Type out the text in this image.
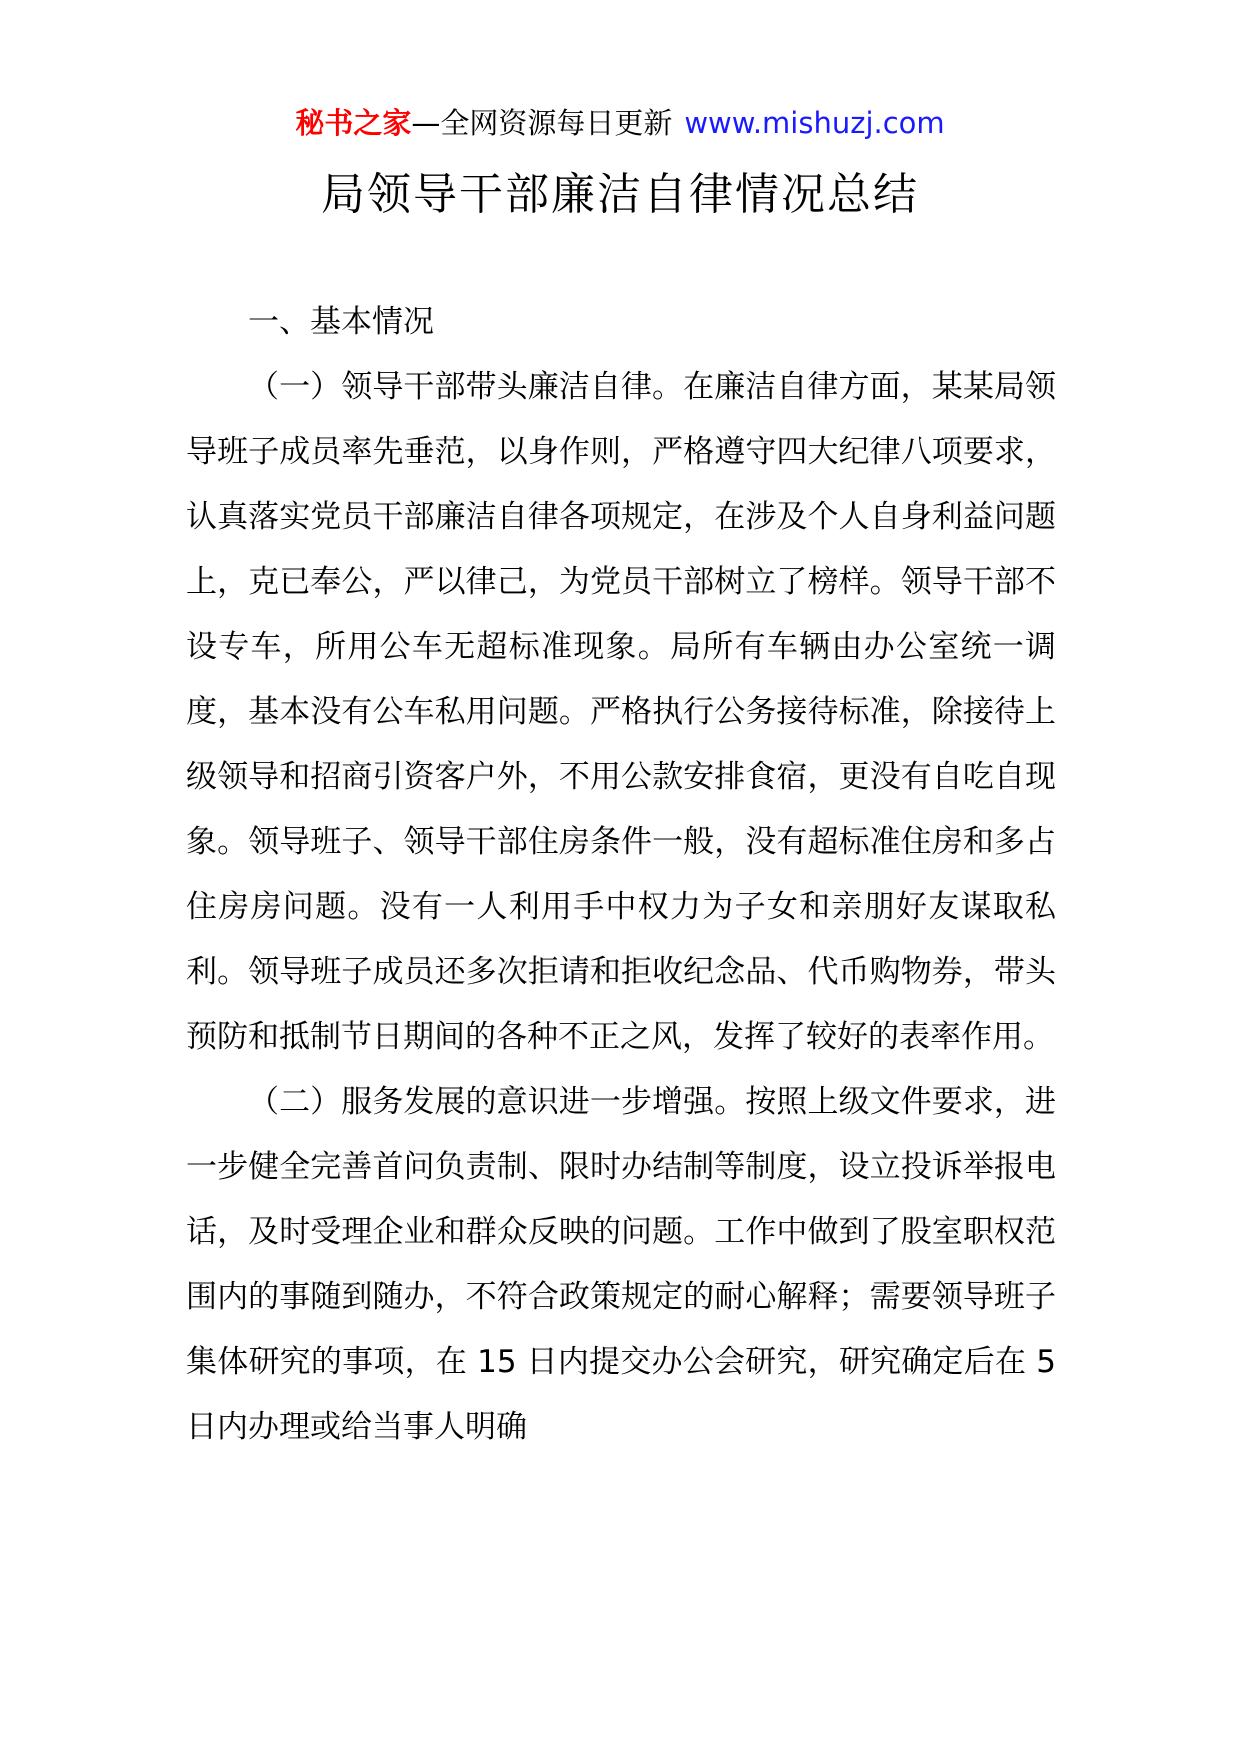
秘书之家—全网资源每日更新 www.mishuzj.com
局领导干部廉洁自律情况总结

一、基本情况

（一）领导干部带头廉洁自律。在廉洁自律方面，某某局领导班子成员率先垂范，以身作则，严格遵守四大纪律八项要求，认真落实党员干部廉洁自律各项规定，在涉及个人自身利益问题上，克已奉公，严以律己，为党员干部树立了榜样。领导干部不设专车，所用公车无超标准现象。局所有车辆由办公室统一调度，基本没有公车私用问题。严格执行公务接待标准，除接待上级领导和招商引资客户外，不用公款安排食宿，更没有自吃自现象。领导班子、领导干部住房条件一般，没有超标准住房和多占住房房问题。没有一人利用手中权力为子女和亲朋好友谋取私利。领导班子成员还多次拒请和拒收纪念品、代币购物券，带头预防和抵制节日期间的各种不正之风，发挥了较好的表率作用。

（二）服务发展的意识进一步增强。按照上级文件要求，进一步健全完善首问负责制、限时办结制等制度，设立投诉举报电话，及时受理企业和群众反映的问题。工作中做到了股室职权范围内的事随到随办，不符合政策规定的耐心解释；需要领导班子集体研究的事项，在 15 日内提交办公会研究，研究确定后在 5 日内办理或给当事人明确
